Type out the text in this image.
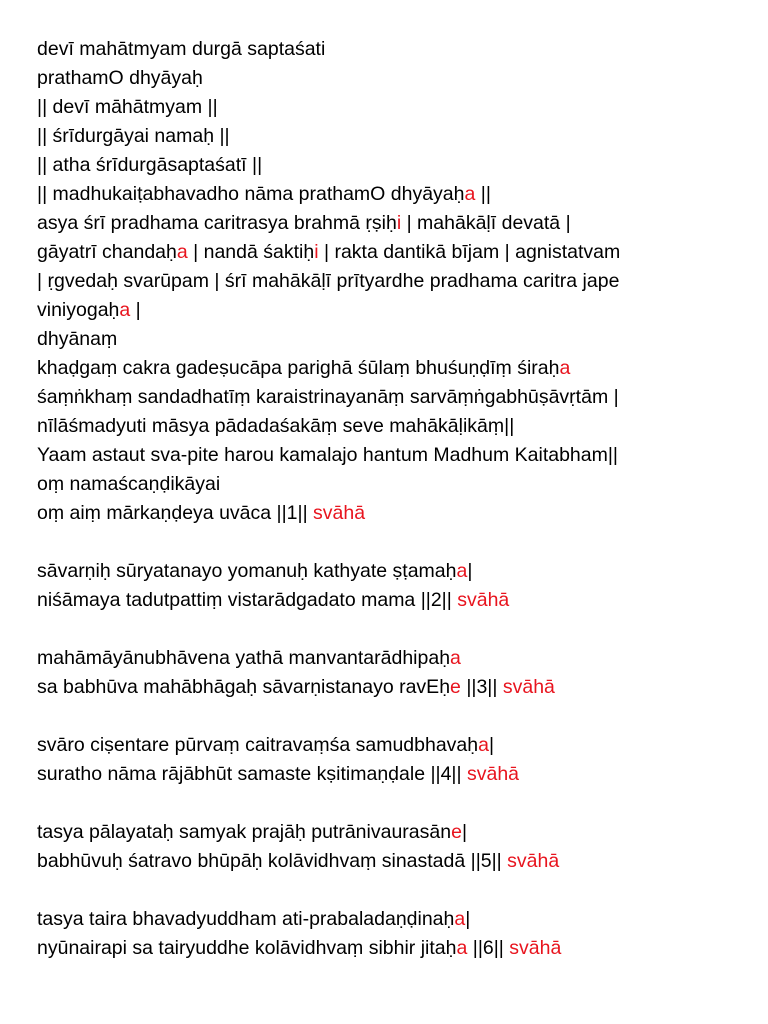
devī mahātmyam durgā saptaśati
prathamO dhyāyaḥ
|| devī māhātmyam ||
|| śrīdurgāyai namaḥ ||
|| atha śrīdurgāsaptaśatī ||
|| madhukaiṭabhavadho nāma prathamO dhyāyaḥa ||
asya śrī pradhama caritrasya brahmā ṛṣiḥi | mahākāḷī devatā |
gāyatrī chandaḥa | nandā śaktiḥi | rakta dantikā bījam | agnistatvam
| ṛgvedaḥ svarūpam | śrī mahākāḷī prītyardhe pradhama caritra jape
viniyogaḥa |
dhyānaṃ
khaḍgaṃ cakra gadeṣucāpa parighā śūlaṃ bhuśuṇḍīṃ śiraḥa
śaṃṅkhaṃ sandadhatīṃ karaistrinayanāṃ sarvāṃṅgabhūṣāvṛtām |
nīlāśmadyuti māsya pādadaśakāṃ seve mahākāḷikāṃ||
Yaam astaut sva-pite harou kamalajo hantum Madhum Kaitabham||
oṃ namaścaṇḍikāyai
oṃ aiṃ mārkaṇḍeya uvāca ||1|| svāhā
sāvarṇiḥ sūryatanayo yomanuḥ kathyate ṣṭamaḥa|
niśāmaya tadutpattiṃ vistarādgadato mama ||2|| svāhā
mahāmāyānubhāvena yathā manvantarādhipaḥa
sa babhūva mahābhāgaḥ sāvarṇistanayo ravEḥe ||3|| svāhā
svāro ciṣentare pūrvaṃ caitravaṃśa samudbhavaḥa|
suratho nāma rājābhūt samaste kṣitimaṇḍale ||4|| svāhā
tasya pālayataḥ samyak prajāḥ putrānivaurasāne|
babhūvuḥ śatravo bhūpāḥ kolāvidhvaṃ sinastadā ||5|| svāhā
tasya taira bhavadyuddham ati-prabaladaṇḍinaḥa|
nyūnairapi sa tairyuddhe kolāvidhvaṃ sibhir jitaḥa ||6|| svāhā
